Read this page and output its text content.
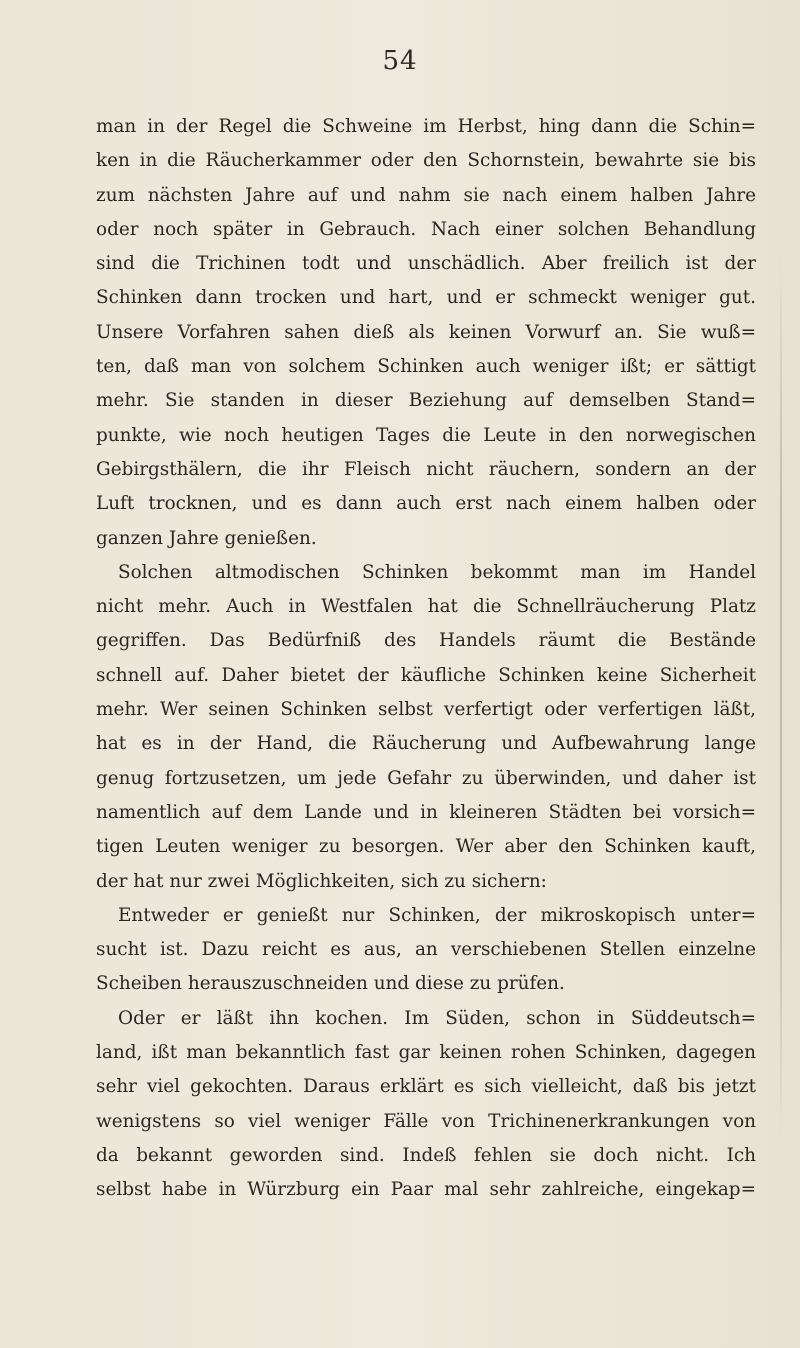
54
man in der Regel die Schweine im Herbst, hing dann die Schin=
ken in die Räucherkammer oder den Schornstein, bewahrte sie bis
zum nächsten Jahre auf und nahm sie nach einem halben Jahre
oder noch später in Gebrauch. Nach einer solchen Behandlung
sind die Trichinen todt und unschädlich. Aber freilich ist der
Schinken dann trocken und hart, und er schmeckt weniger gut.
Unsere Vorfahren sahen dieß als keinen Vorwurf an. Sie wuß=
ten, daß man von solchem Schinken auch weniger ißt; er sättigt
mehr. Sie standen in dieser Beziehung auf demselben Stand=
punkte, wie noch heutigen Tages die Leute in den norwegischen
Gebirgsthälern, die ihr Fleisch nicht räuchern, sondern an der
Luft trocknen, und es dann auch erst nach einem halben oder
ganzen Jahre genießen.
Solchen altmodischen Schinken bekommt man im Handel
nicht mehr. Auch in Westfalen hat die Schnellräucherung Platz
gegriffen. Das Bedürfniß des Handels räumt die Bestände
schnell auf. Daher bietet der käufliche Schinken keine Sicherheit
mehr. Wer seinen Schinken selbst verfertigt oder verfertigen läßt,
hat es in der Hand, die Räucherung und Aufbewahrung lange
genug fortzusetzen, um jede Gefahr zu überwinden, und daher ist
namentlich auf dem Lande und in kleineren Städten bei vorsich=
tigen Leuten weniger zu besorgen. Wer aber den Schinken kauft,
der hat nur zwei Möglichkeiten, sich zu sichern:
Entweder er genießt nur Schinken, der mikroskopisch unter=
sucht ist. Dazu reicht es aus, an verschiebenen Stellen einzelne
Scheiben herauszuschneiden und diese zu prüfen.
Oder er läßt ihn kochen. Im Süden, schon in Süddeutsch=
land, ißt man bekanntlich fast gar keinen rohen Schinken, dagegen
sehr viel gekochten. Daraus erklärt es sich vielleicht, daß bis jetzt
wenigstens so viel weniger Fälle von Trichinenerkrankungen von
da bekannt geworden sind. Indeß fehlen sie doch nicht. Ich
selbst habe in Würzburg ein Paar mal sehr zahlreiche, eingekap=
